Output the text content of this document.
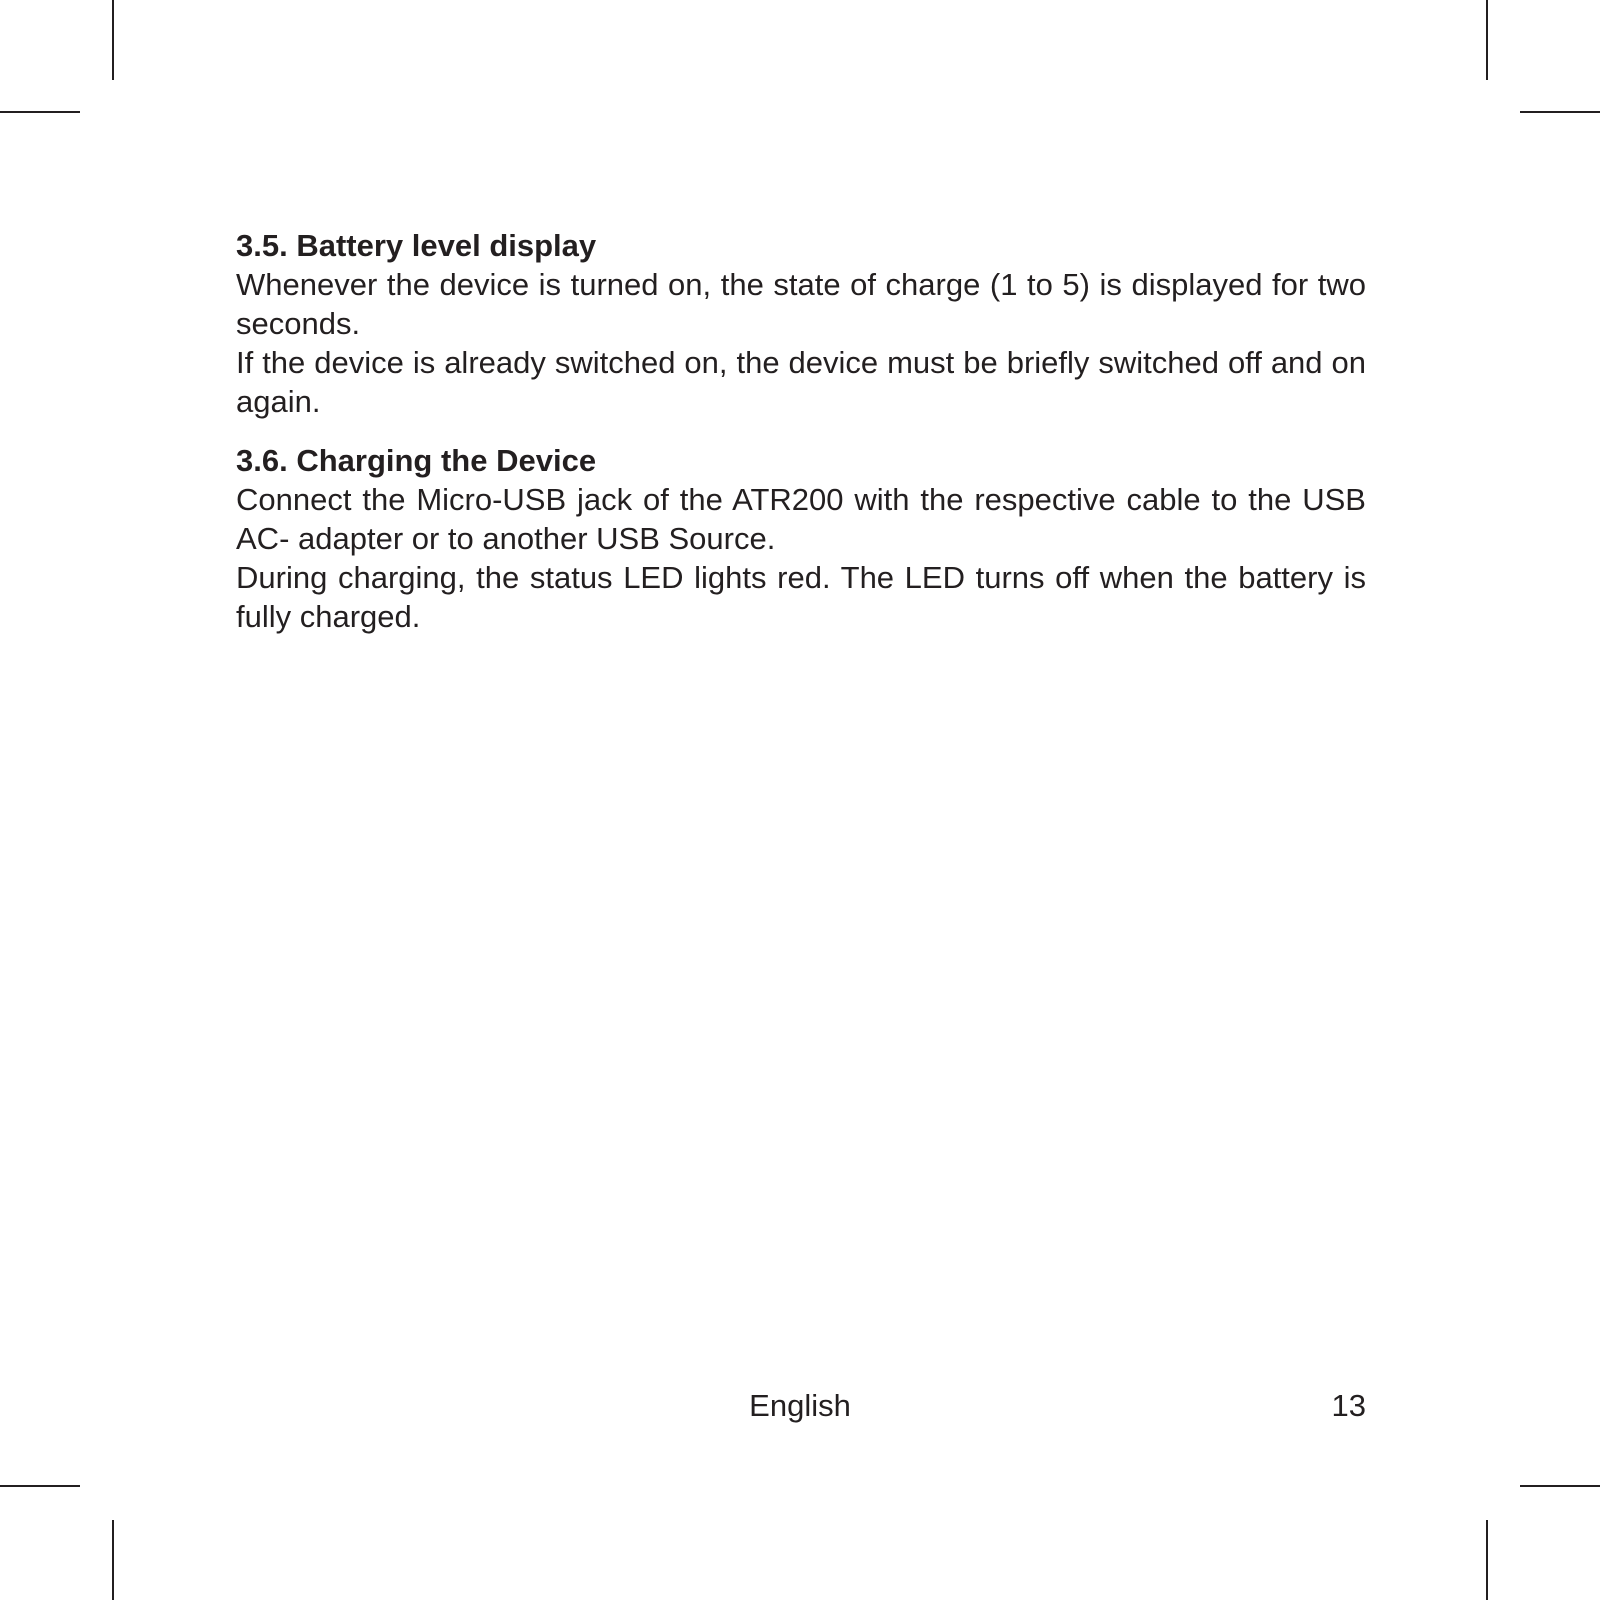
3.5. Battery level display

Whenever the device is turned on, the state of charge (1 to 5) is displayed for two seconds.

If the device is already switched on, the device must be briefly switched off and on again.

3.6. Charging the Device

Connect the Micro-USB jack of the ATR200 with the respective cable to the USB AC- adapter or to another USB Source.

During charging, the status LED lights red. The LED turns off when the battery is fully charged.

English	13
